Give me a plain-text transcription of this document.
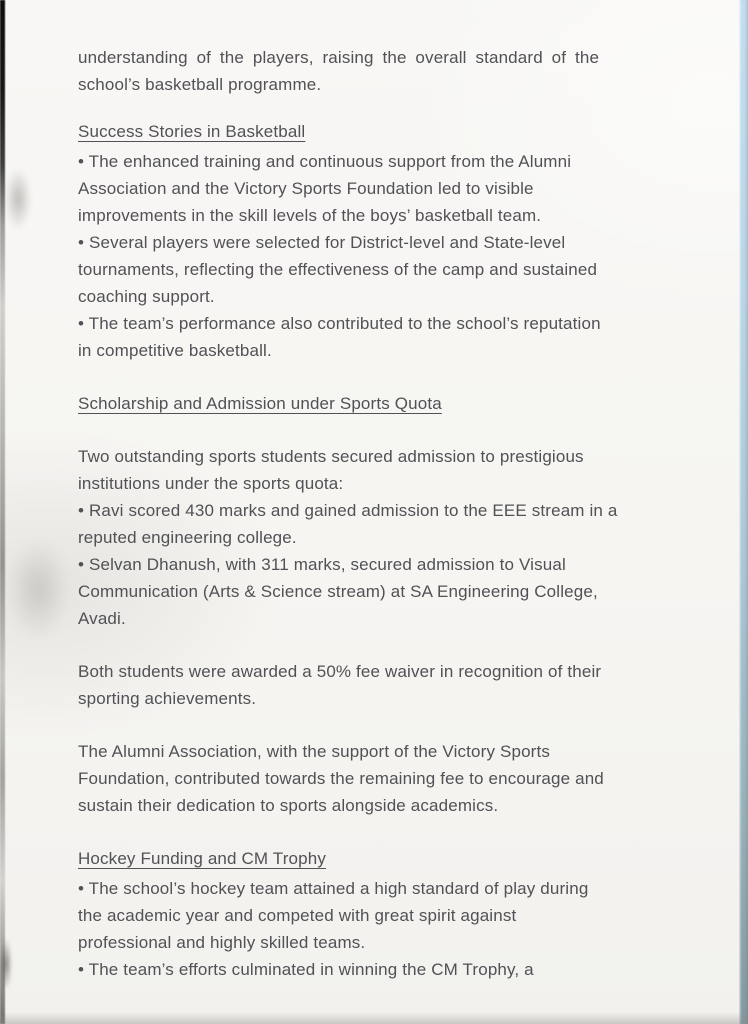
understanding of the players, raising the overall standard of the
school’s basketball programme.
Success Stories in Basketball
• The enhanced training and continuous support from the Alumni
Association and the Victory Sports Foundation led to visible
improvements in the skill levels of the boys’ basketball team.
• Several players were selected for District-level and State-level
tournaments, reflecting the effectiveness of the camp and sustained
coaching support.
• The team’s performance also contributed to the school’s reputation
in competitive basketball.
Scholarship and Admission under Sports Quota
Two outstanding sports students secured admission to prestigious
institutions under the sports quota:
• Ravi scored 430 marks and gained admission to the EEE stream in a
reputed engineering college.
• Selvan Dhanush, with 311 marks, secured admission to Visual
Communication (Arts & Science stream) at SA Engineering College,
Avadi.
Both students were awarded a 50% fee waiver in recognition of their
sporting achievements.
The Alumni Association, with the support of the Victory Sports
Foundation, contributed towards the remaining fee to encourage and
sustain their dedication to sports alongside academics.
Hockey Funding and CM Trophy
• The school’s hockey team attained a high standard of play during
the academic year and competed with great spirit against
professional and highly skilled teams.
• The team’s efforts culminated in winning the CM Trophy, a
